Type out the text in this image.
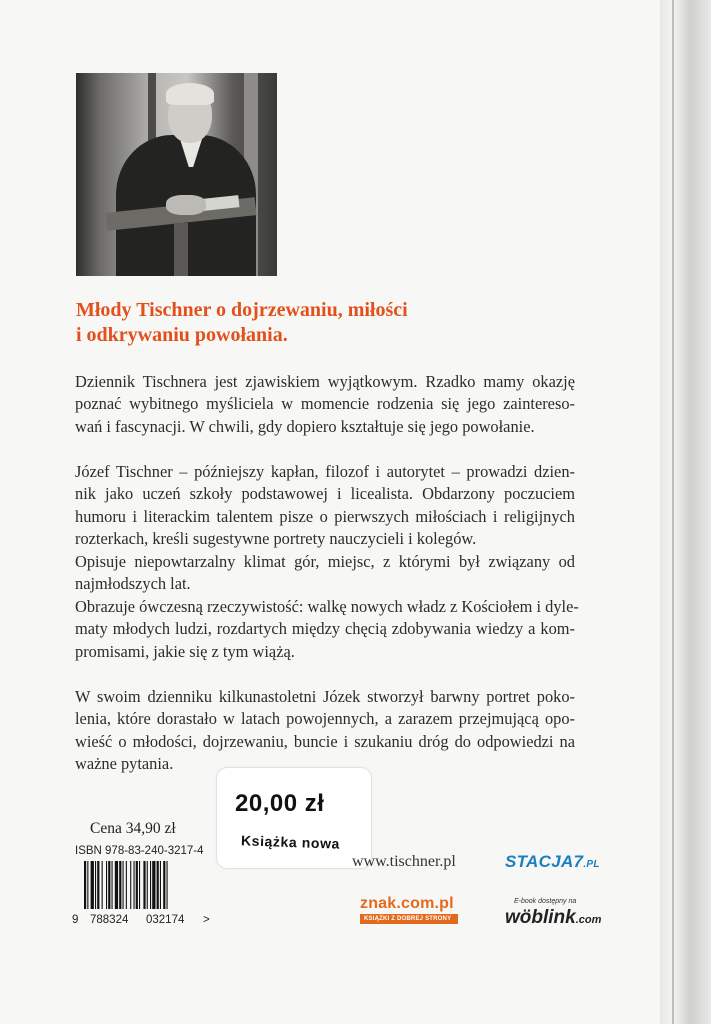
Młody Tischner o dojrzewaniu, miłości
i odkrywaniu powołania.
Dziennik Tischnera jest zjawiskiem wyjątkowym. Rzadko mamy okazję
poznać wybitnego myśliciela w momencie rodzenia się jego zaintereso-
wań i fascynacji. W chwili, gdy dopiero kształtuje się jego powołanie.
Józef Tischner – późniejszy kapłan, filozof i autorytet – prowadzi dzien-
nik jako uczeń szkoły podstawowej i licealista. Obdarzony poczuciem
humoru i literackim talentem pisze o pierwszych miłościach i religijnych
rozterkach, kreśli sugestywne portrety nauczycieli i kolegów.
Opisuje niepowtarzalny klimat gór, miejsc, z którymi był związany od
najmłodszych lat.
Obrazuje ówczesną rzeczywistość: walkę nowych władz z Kościołem i dyle-
maty młodych ludzi, rozdartych między chęcią zdobywania wiedzy a kom-
promisami, jakie się z tym wiążą.
W swoim dzienniku kilkunastoletni Józek stworzył barwny portret poko-
lenia, które dorastało w latach powojennych, a zarazem przejmującą opo-
wieść o młodości, dojrzewaniu, buncie i szukaniu dróg do odpowiedzi na
ważne pytania.
Cena 34,90 zł
ISBN 978-83-240-3217-4
9 788324 032174 >
20,00 zł
Książka nowa
www.tischner.pl	STACJA7.PL
znak.com.pl
KSIĄŻKI Z DOBREJ STRONY
E-book dostępny na
wöblink.com
